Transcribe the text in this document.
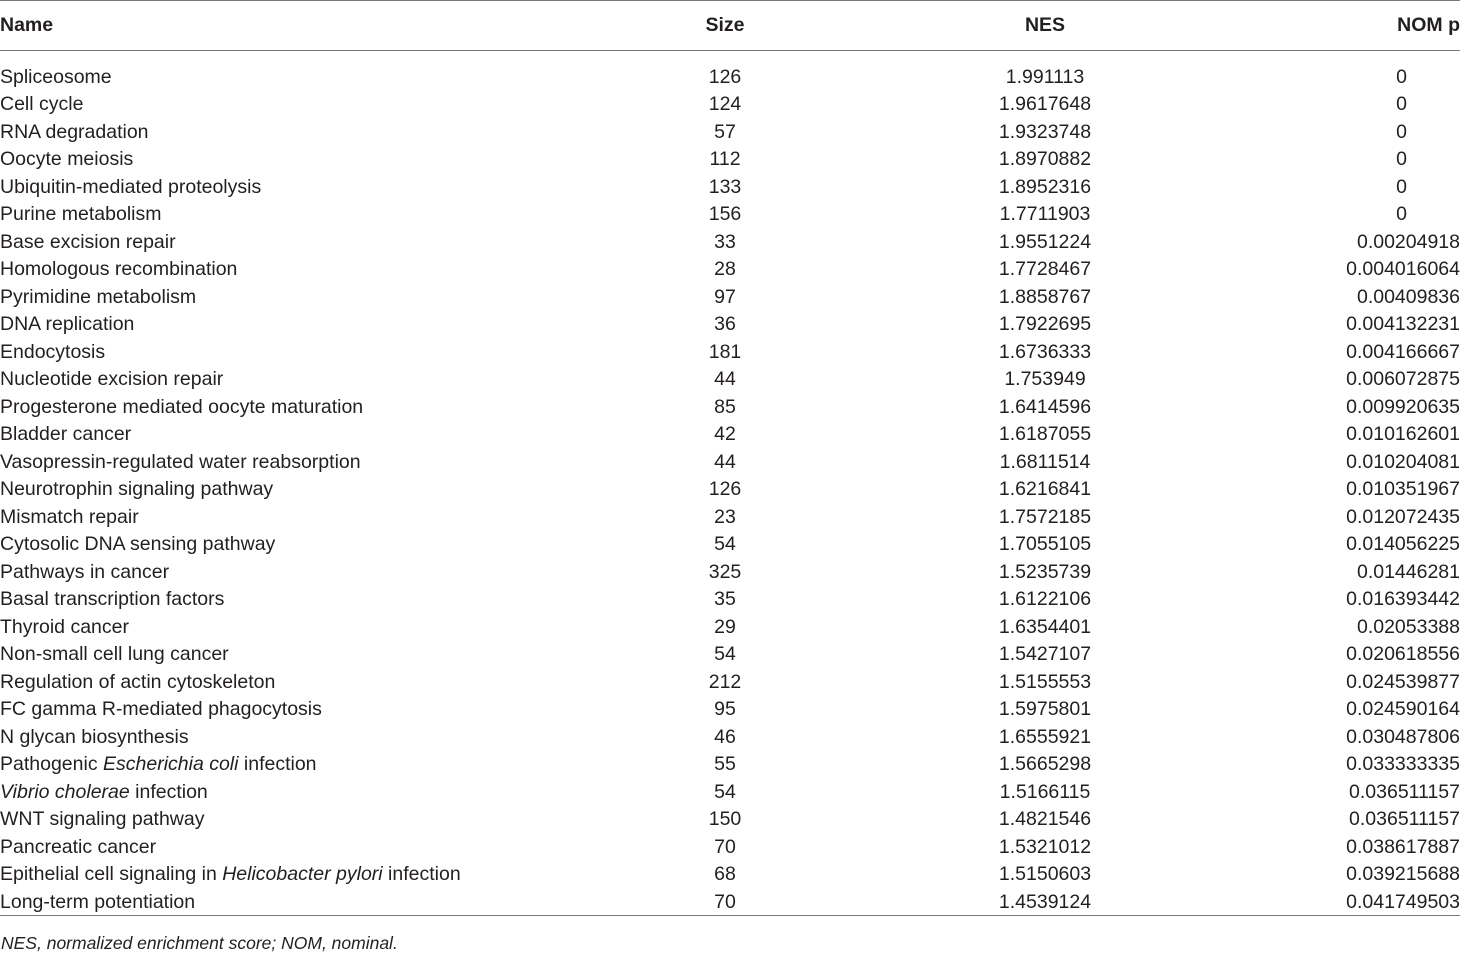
Name	Size	NES	NOM p
Spliceosome	126	1.991113	0
Cell cycle	124	1.9617648	0
RNA degradation	57	1.9323748	0
Oocyte meiosis	112	1.8970882	0
Ubiquitin-mediated proteolysis	133	1.8952316	0
Purine metabolism	156	1.7711903	0
Base excision repair	33	1.9551224	0.00204918
Homologous recombination	28	1.7728467	0.004016064
Pyrimidine metabolism	97	1.8858767	0.00409836
DNA replication	36	1.7922695	0.004132231
Endocytosis	181	1.6736333	0.004166667
Nucleotide excision repair	44	1.753949	0.006072875
Progesterone mediated oocyte maturation	85	1.6414596	0.009920635
Bladder cancer	42	1.6187055	0.010162601
Vasopressin-regulated water reabsorption	44	1.6811514	0.010204081
Neurotrophin signaling pathway	126	1.6216841	0.010351967
Mismatch repair	23	1.7572185	0.012072435
Cytosolic DNA sensing pathway	54	1.7055105	0.014056225
Pathways in cancer	325	1.5235739	0.01446281
Basal transcription factors	35	1.6122106	0.016393442
Thyroid cancer	29	1.6354401	0.02053388
Non-small cell lung cancer	54	1.5427107	0.020618556
Regulation of actin cytoskeleton	212	1.5155553	0.024539877
FC gamma R-mediated phagocytosis	95	1.5975801	0.024590164
N glycan biosynthesis	46	1.6555921	0.030487806
Pathogenic Escherichia coli infection	55	1.5665298	0.033333335
Vibrio cholerae infection	54	1.5166115	0.036511157
WNT signaling pathway	150	1.4821546	0.036511157
Pancreatic cancer	70	1.5321012	0.038617887
Epithelial cell signaling in Helicobacter pylori infection	68	1.5150603	0.039215688
Long-term potentiation	70	1.4539124	0.041749503
NES, normalized enrichment score; NOM, nominal.
